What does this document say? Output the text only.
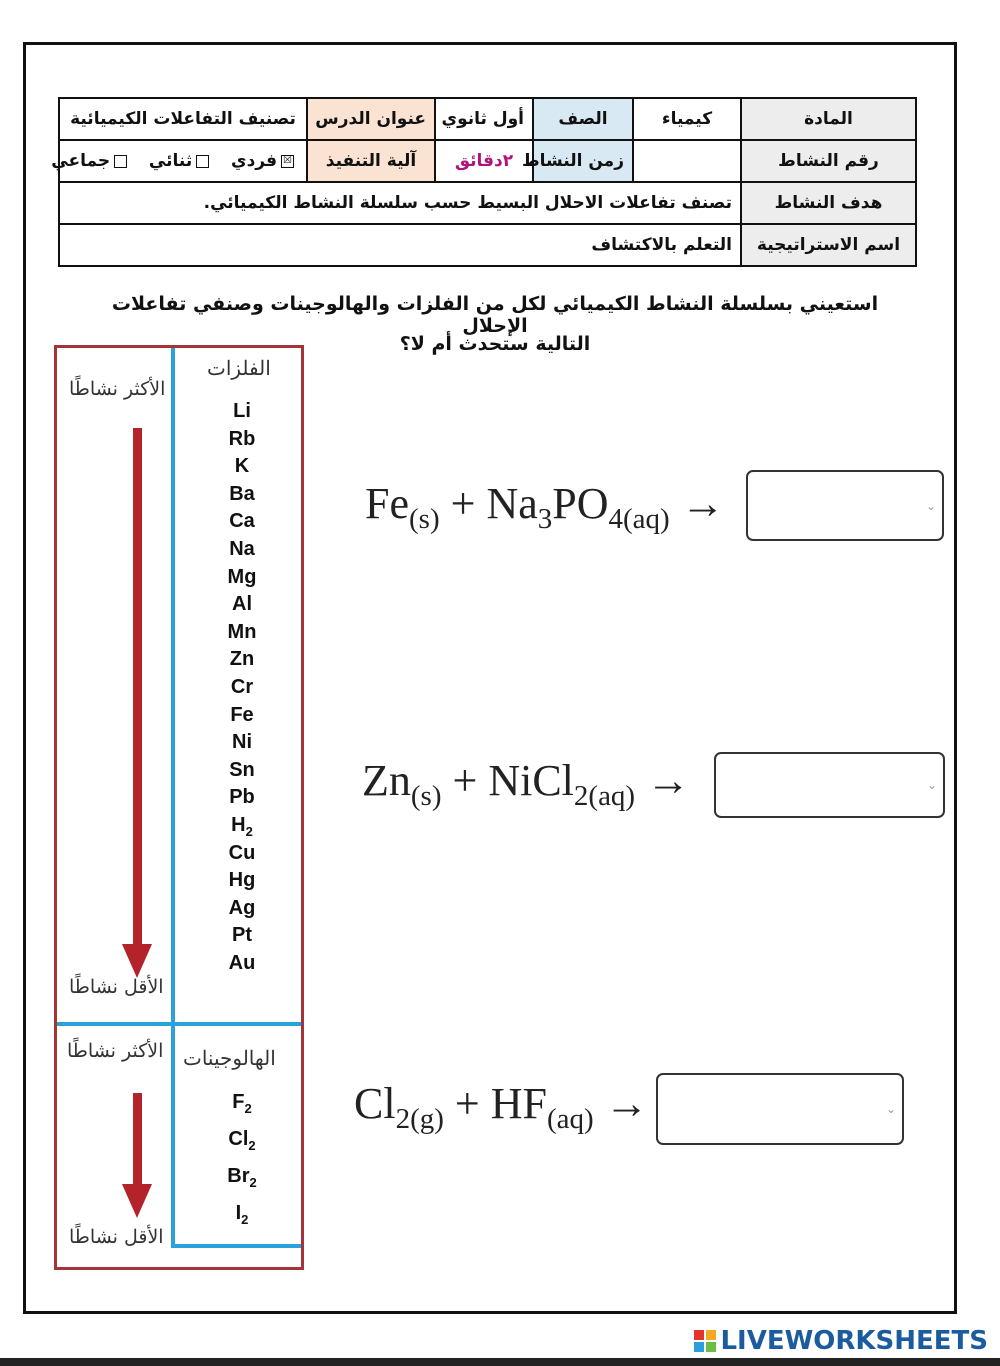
المادة	كيمياء	الصف	أول ثانوي	عنوان الدرس	تصنيف التفاعلات الكيميائية
رقم النشاط		زمن النشاط	٢دقائق	آلية التنفيذ	☒فردي   ثنائي   جماعي
هدف النشاط	تصنف تفاعلات الاحلال البسيط حسب سلسلة النشاط الكيميائي.				
اسم الاستراتيجية	التعلم بالاكتشاف				
استعيني بسلسلة النشاط الكيميائي لكل من الفلزات والهالوجينات وصنفي تفاعلات الإحلال
التالية ستحدث أم لا؟
الفلزات
الأكثر نشاطًا
الأقل نشاطًا
Li
Rb
K
Ba
Ca
Na
Mg
Al
Mn
Zn
Cr
Fe
Ni
Sn
Pb
$H_2$
Cu
Hg
Ag
Pt
Au
الهالوجينات
الأكثر نشاطًا
الأقل نشاطًا
$F_2$
$Cl_2$
$Br_2$
$I_2$
$Fe_{(s)} + Na_3PO_{4(aq)}$ →	⌄
$Zn_{(s)}$ + NiCl$_{2(aq)}$ →	⌄
$Cl_{2(g)} + HF_{(aq)}$ →	⌄
LIVE WORKSHEETS
